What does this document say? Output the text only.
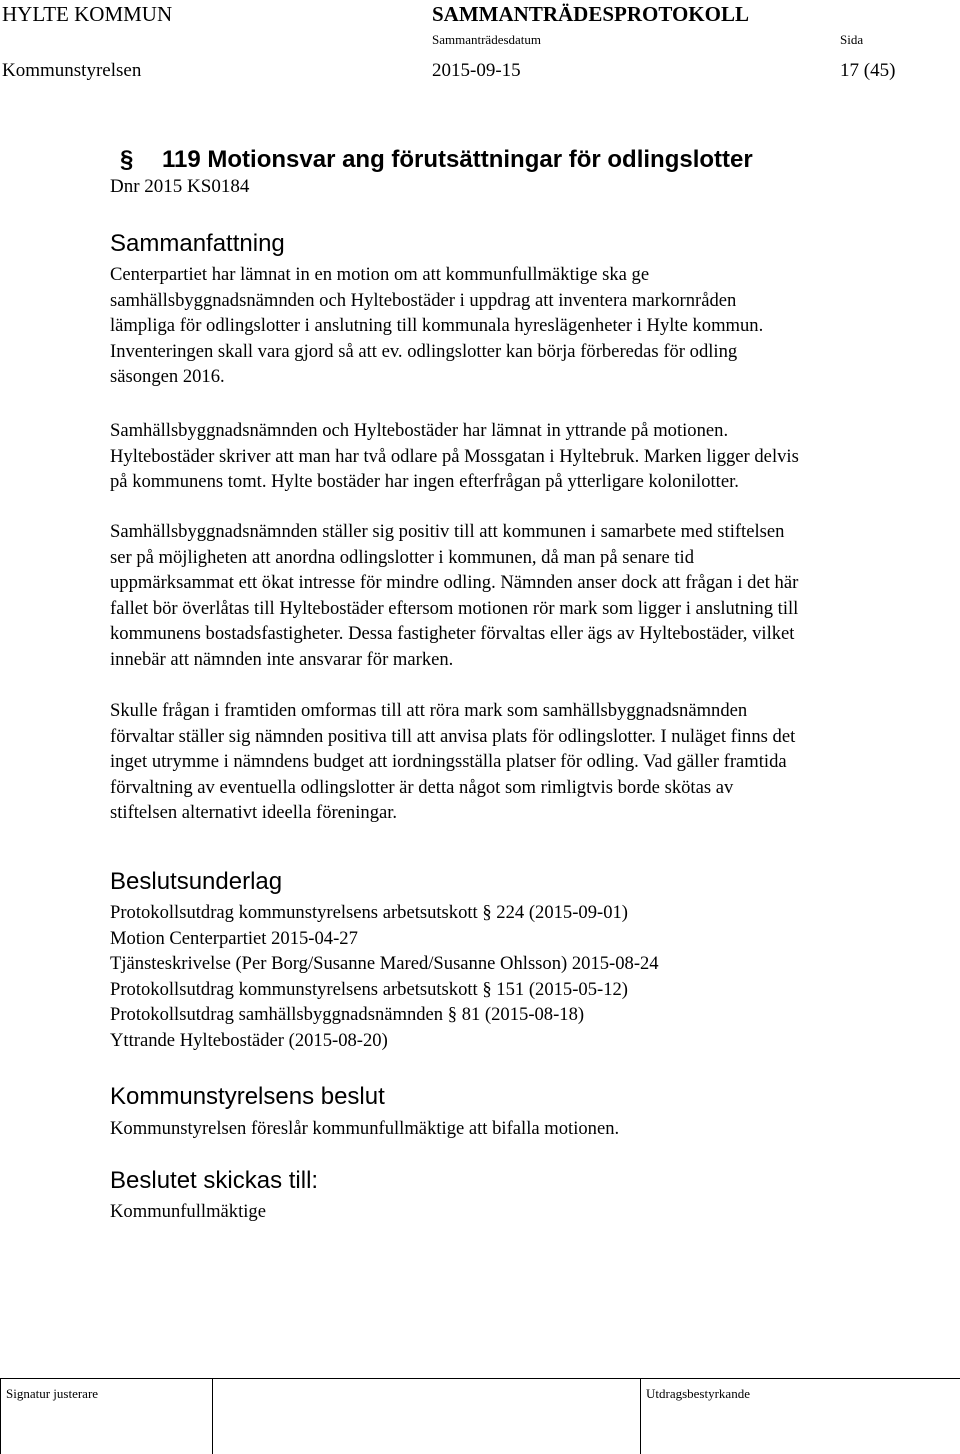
HYLTE KOMMUN	SAMMANTRÄDESPROTOKOLL
Sammanträdesdatum	Sida
Kommunstyrelsen	2015-09-15	17 (45)
§ 119 Motionsvar ang förutsättningar för odlingslotter
Dnr 2015 KS0184
Sammanfattning
Centerpartiet har lämnat in en motion om att kommunfullmäktige ska ge
samhällsbyggnadsnämnden och Hyltebostäder i uppdrag att inventera markornråden
lämpliga för odlingslotter i anslutning till kommunala hyreslägenheter i Hylte kommun.
Inventeringen skall vara gjord så att ev. odlingslotter kan börja förberedas för odling
säsongen 2016.
Samhällsbyggnadsnämnden och Hyltebostäder har lämnat in yttrande på motionen.
Hyltebostäder skriver att man har två odlare på Mossgatan i Hyltebruk. Marken ligger delvis
på kommunens tomt. Hylte bostäder har ingen efterfrågan på ytterligare kolonilotter.
Samhällsbyggnadsnämnden ställer sig positiv till att kommunen i samarbete med stiftelsen
ser på möjligheten att anordna odlingslotter i kommunen, då man på senare tid
uppmärksammat ett ökat intresse för mindre odling. Nämnden anser dock att frågan i det här
fallet bör överlåtas till Hyltebostäder eftersom motionen rör mark som ligger i anslutning till
kommunens bostadsfastigheter. Dessa fastigheter förvaltas eller ägs av Hyltebostäder, vilket
innebär att nämnden inte ansvarar för marken.
Skulle frågan i framtiden omformas till att röra mark som samhällsbyggnadsnämnden
förvaltar ställer sig nämnden positiva till att anvisa plats för odlingslotter. I nuläget finns det
inget utrymme i nämndens budget att iordningsställa platser för odling. Vad gäller framtida
förvaltning av eventuella odlingslotter är detta något som rimligtvis borde skötas av
stiftelsen alternativt ideella föreningar.
Beslutsunderlag
Protokollsutdrag kommunstyrelsens arbetsutskott § 224 (2015-09-01)
Motion Centerpartiet 2015-04-27
Tjänsteskrivelse (Per Borg/Susanne Mared/Susanne Ohlsson) 2015-08-24
Protokollsutdrag kommunstyrelsens arbetsutskott § 151 (2015-05-12)
Protokollsutdrag samhällsbyggnadsnämnden § 81 (2015-08-18)
Yttrande Hyltebostäder (2015-08-20)
Kommunstyrelsens beslut
Kommunstyrelsen föreslår kommunfullmäktige att bifalla motionen.
Beslutet skickas till:
Kommunfullmäktige
Signatur justerare	Utdragsbestyrkande
